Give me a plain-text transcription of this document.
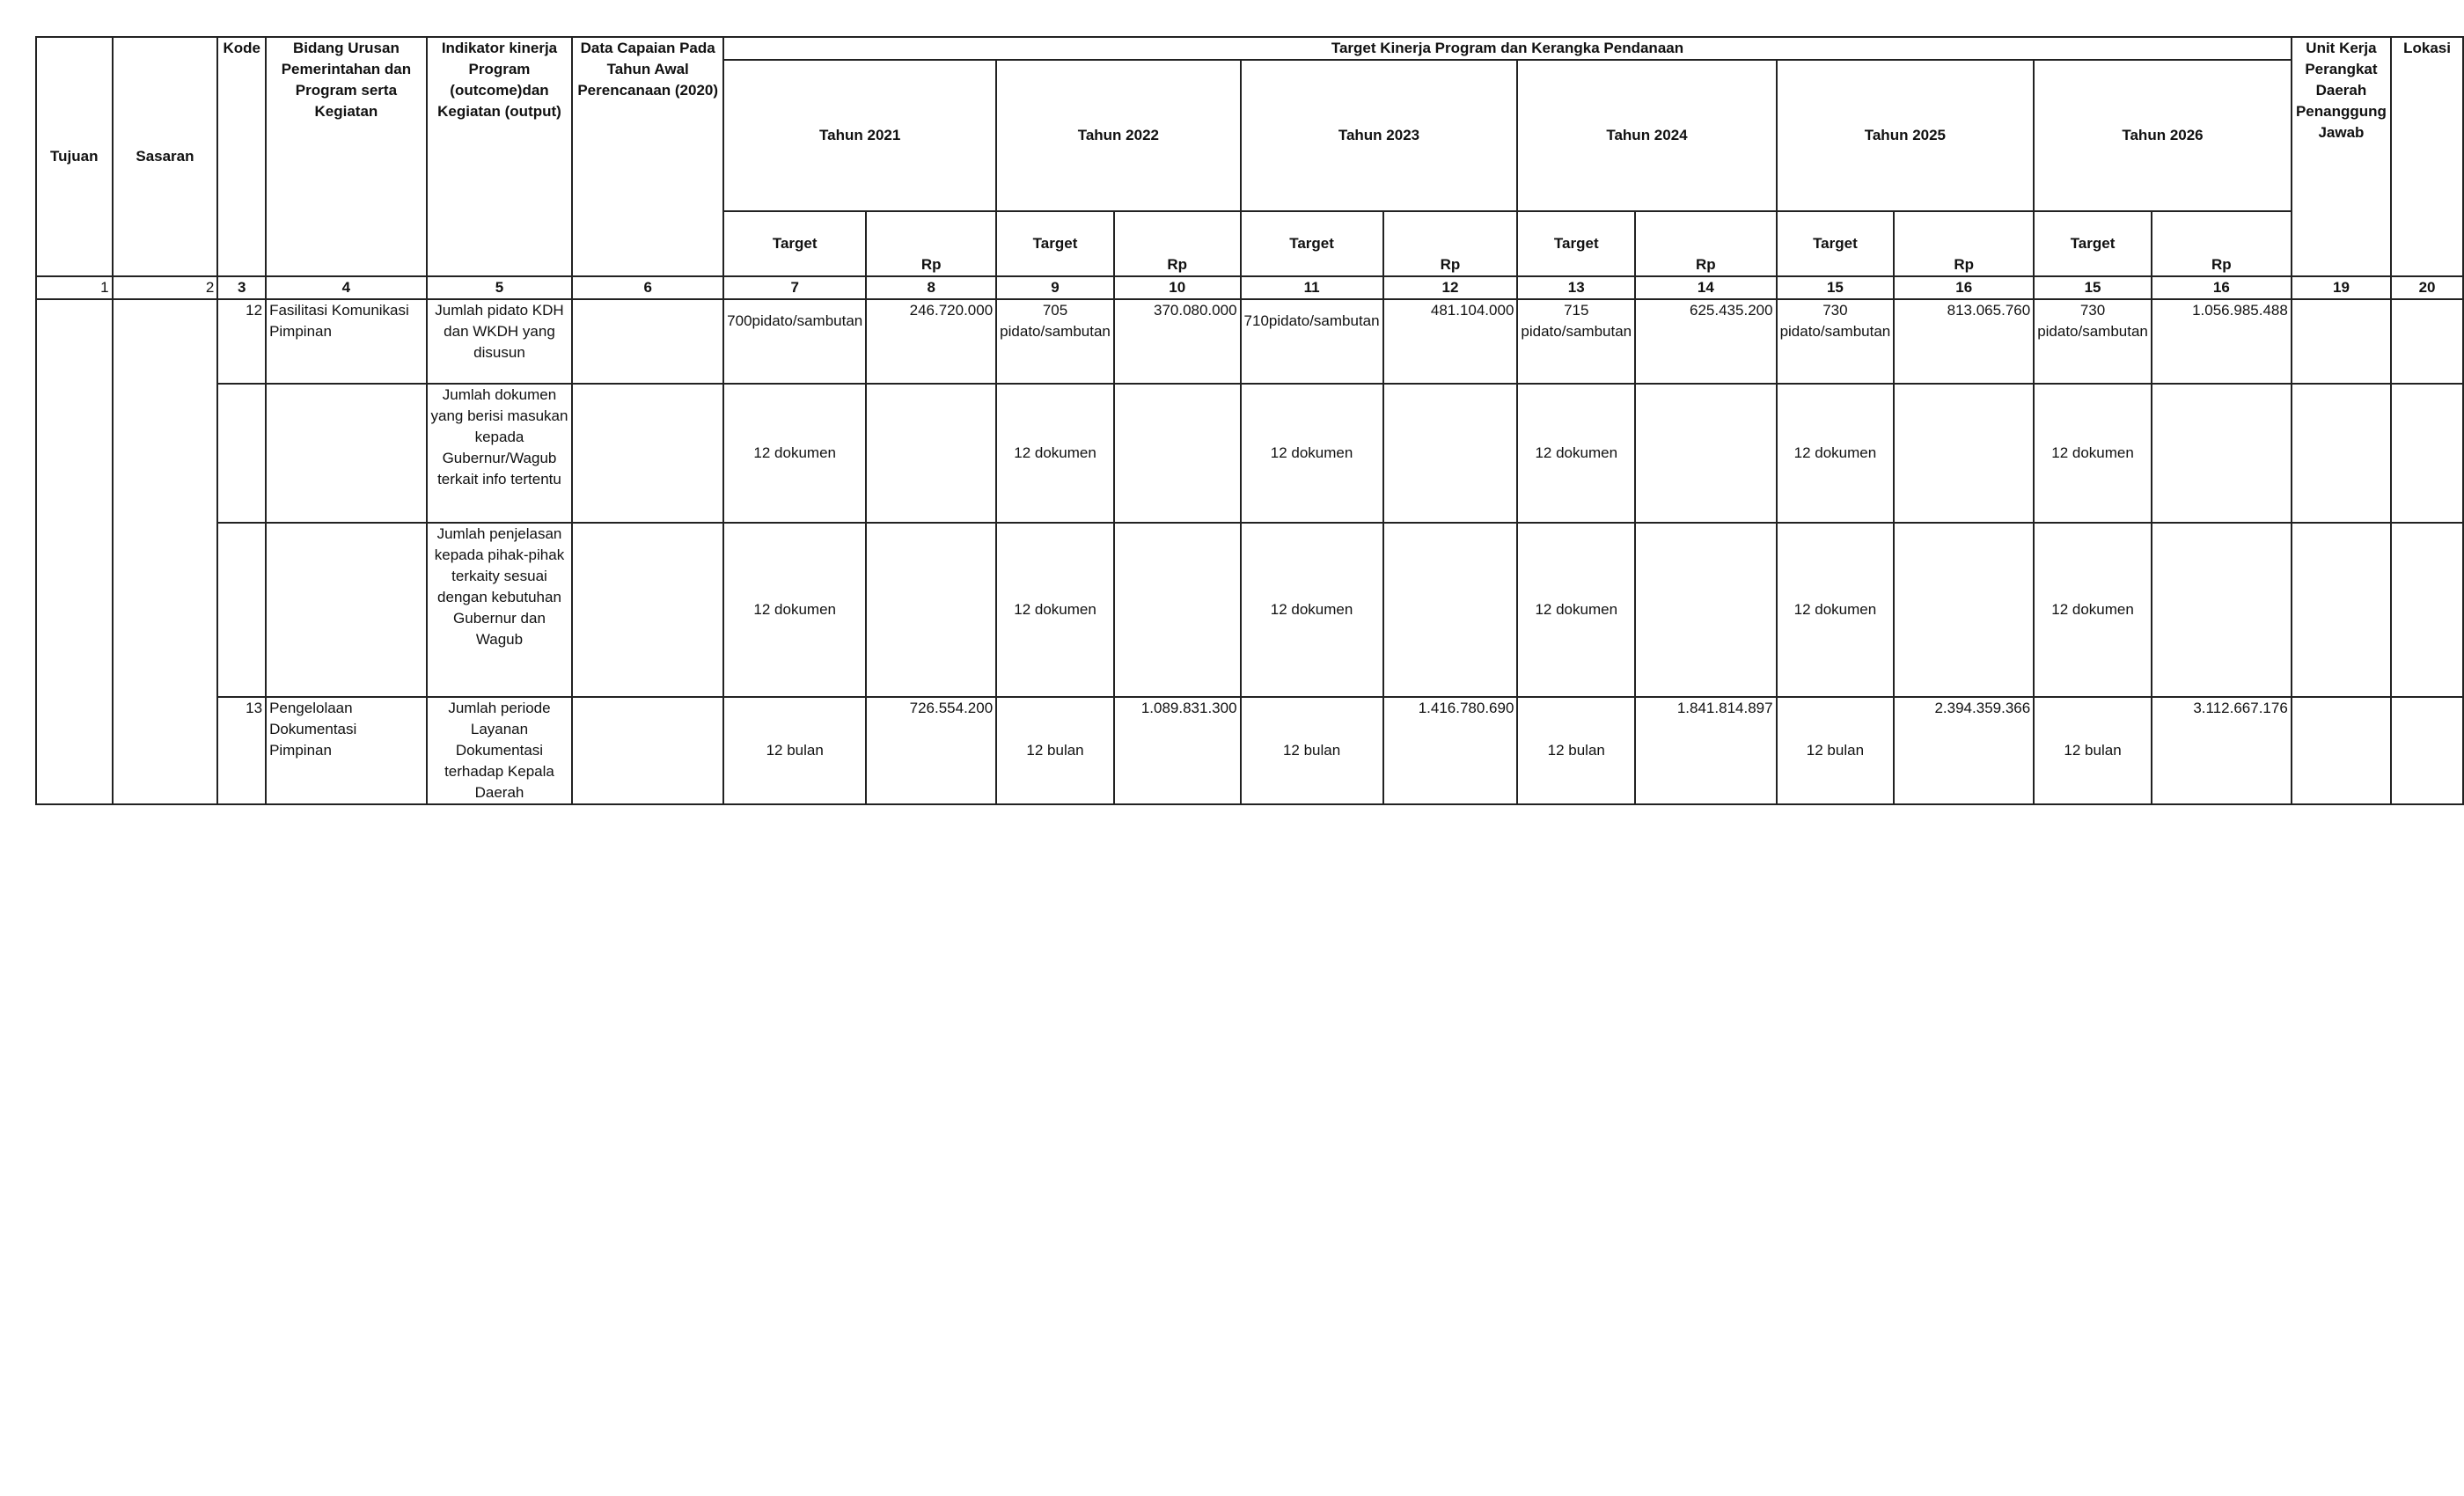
Tujuan	Sasaran	Kode	Bidang Urusan Pemerintahan dan Program serta Kegiatan	Indikator kinerja Program (outcome)dan Kegiatan (output)	Data Capaian Pada Tahun Awal Perencanaan (2020)	Target Kinerja Program dan Kerangka Pendanaan												Unit Kerja Perangkat Daerah Penanggung Jawab	Lokasi
						Tahun 2021		Tahun 2022		Tahun 2023		Tahun 2024		Tahun 2025		Tahun 2026			
						Target	Rp	Target	Rp	Target	Rp	Target	Rp	Target	Rp	Target	Rp		
1	2	3	4	5	6	7	8	9	10	11	12	13	14	15	16	15	16	19	20
		12	Fasilitasi Komunikasi Pimpinan	Jumlah pidato KDH dan WKDH yang disusun		700pidato/sambutan	246.720.000	705 pidato/sambutan	370.080.000	710pidato/sambutan	481.104.000	715 pidato/sambutan	625.435.200	730 pidato/sambutan	813.065.760	730 pidato/sambutan	1.056.985.488		
				Jumlah dokumen yang berisi masukan kepada Gubernur/Wagub terkait info tertentu		12 dokumen		12 dokumen		12 dokumen		12 dokumen		12 dokumen		12 dokumen			
				Jumlah penjelasan kepada pihak-pihak terkaity sesuai dengan kebutuhan Gubernur dan Wagub		12 dokumen		12 dokumen		12 dokumen		12 dokumen		12 dokumen		12 dokumen			
		13	Pengelolaan Dokumentasi Pimpinan	Jumlah periode Layanan Dokumentasi terhadap Kepala Daerah		12 bulan	726.554.200	12 bulan	1.089.831.300	12 bulan	1.416.780.690	12 bulan	1.841.814.897	12 bulan	2.394.359.366	12 bulan	3.112.667.176		
